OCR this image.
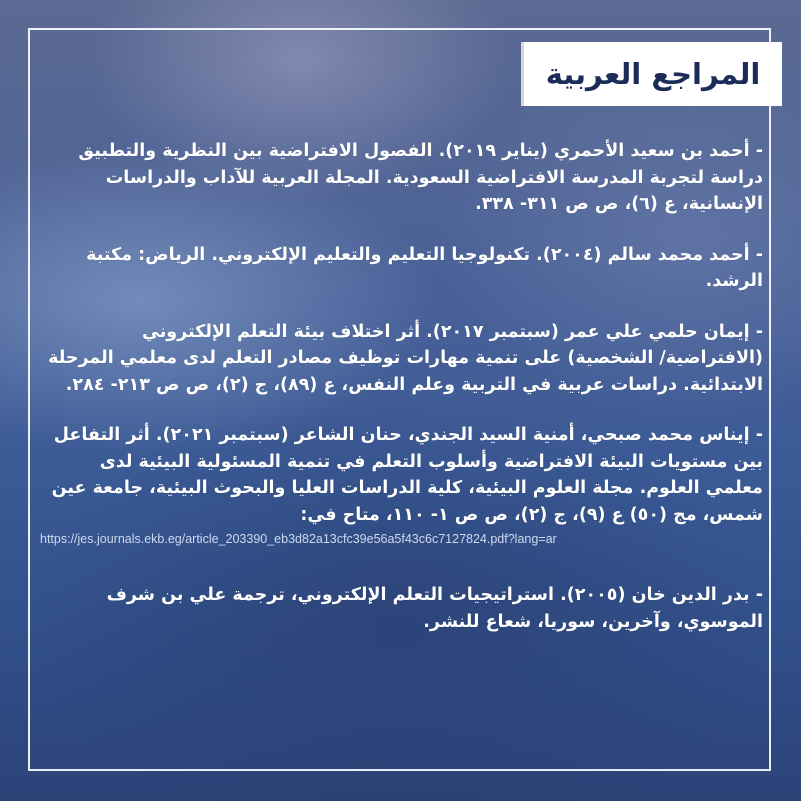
المراجع العربية

- أحمد بن سعيد الأحمري (يناير ٢٠١٩). الفصول الافتراضية بين النظرية والتطبيق دراسة لتجربة المدرسة الافتراضية السعودية. المجلة العربية للآداب والدراسات الإنسانية، ع (٦)، ص ص ٣١١- ٣٣٨.

- أحمد محمد سالم (٢٠٠٤). تكنولوجيا التعليم والتعليم الإلكتروني. الرياض: مكتبة الرشد.

- إيمان حلمي علي عمر (سبتمبر ٢٠١٧). أثر اختلاف بيئة التعلم الإلكتروني (الافتراضية/ الشخصية) على تنمية مهارات توظيف مصادر التعلم لدى معلمي المرحلة الابتدائية. دراسات عربية في التربية وعلم النفس، ع (٨٩)، ج (٢)، ص ص ٢١٣- ٢٨٤.

- إيناس محمد صبحي، أمنية السيد الجندي، حنان الشاعر (سبتمبر ٢٠٢١). أثر التفاعل بين مستويات البيئة الافتراضية وأسلوب التعلم في تنمية المسئولية البيئية لدى معلمي العلوم. مجلة العلوم البيئية، كلية الدراسات العليا والبحوث البيئية، جامعة عين شمس، مج (٥٠) ع (٩)، ج (٢)، ص ص ١- ١١٠، متاح في:

https://jes.journals.ekb.eg/article_203390_eb3d82a13cfc39e56a5f43c6c7127824.pdf?lang=ar

- بدر الدين خان (٢٠٠٥). استراتيجيات التعلم الإلكتروني، ترجمة علي بن شرف الموسوي، وآخرين، سوريا، شعاع للنشر.
